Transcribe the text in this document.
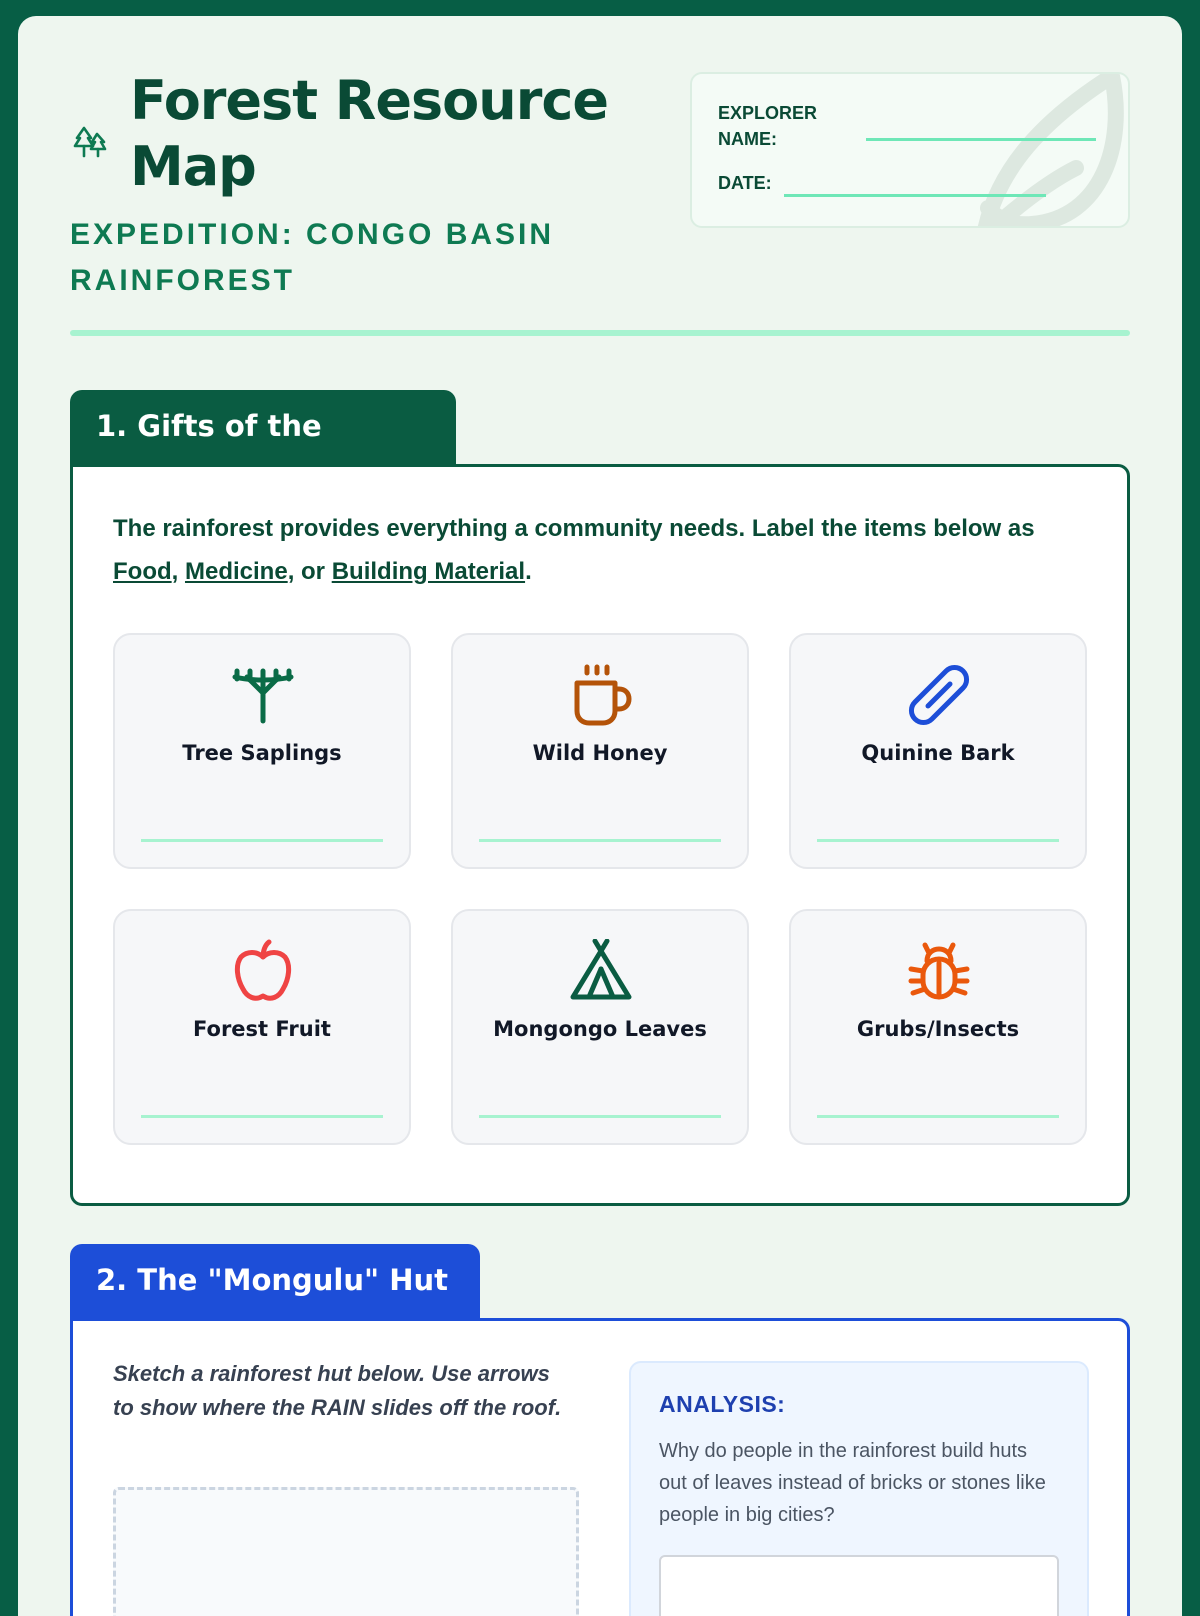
Forest Resource Map

EXPEDITION: CONGO BASIN RAINFOREST

EXPLORER NAME:
DATE:
1. Gifts of the

The rainforest provides everything a community needs. Label the items below as Food, Medicine, or Building Material.

Tree Saplings	Wild Honey	Quinine Bark
Forest Fruit	Mongongo Leaves	Grubs/Insects
2. The "Mongulu" Hut

Sketch a rainforest hut below. Use arrows to show where the RAIN slides off the roof.	ANALYSIS:

Why do people in the rainforest build huts out of leaves instead of bricks or stones like people in big cities?
